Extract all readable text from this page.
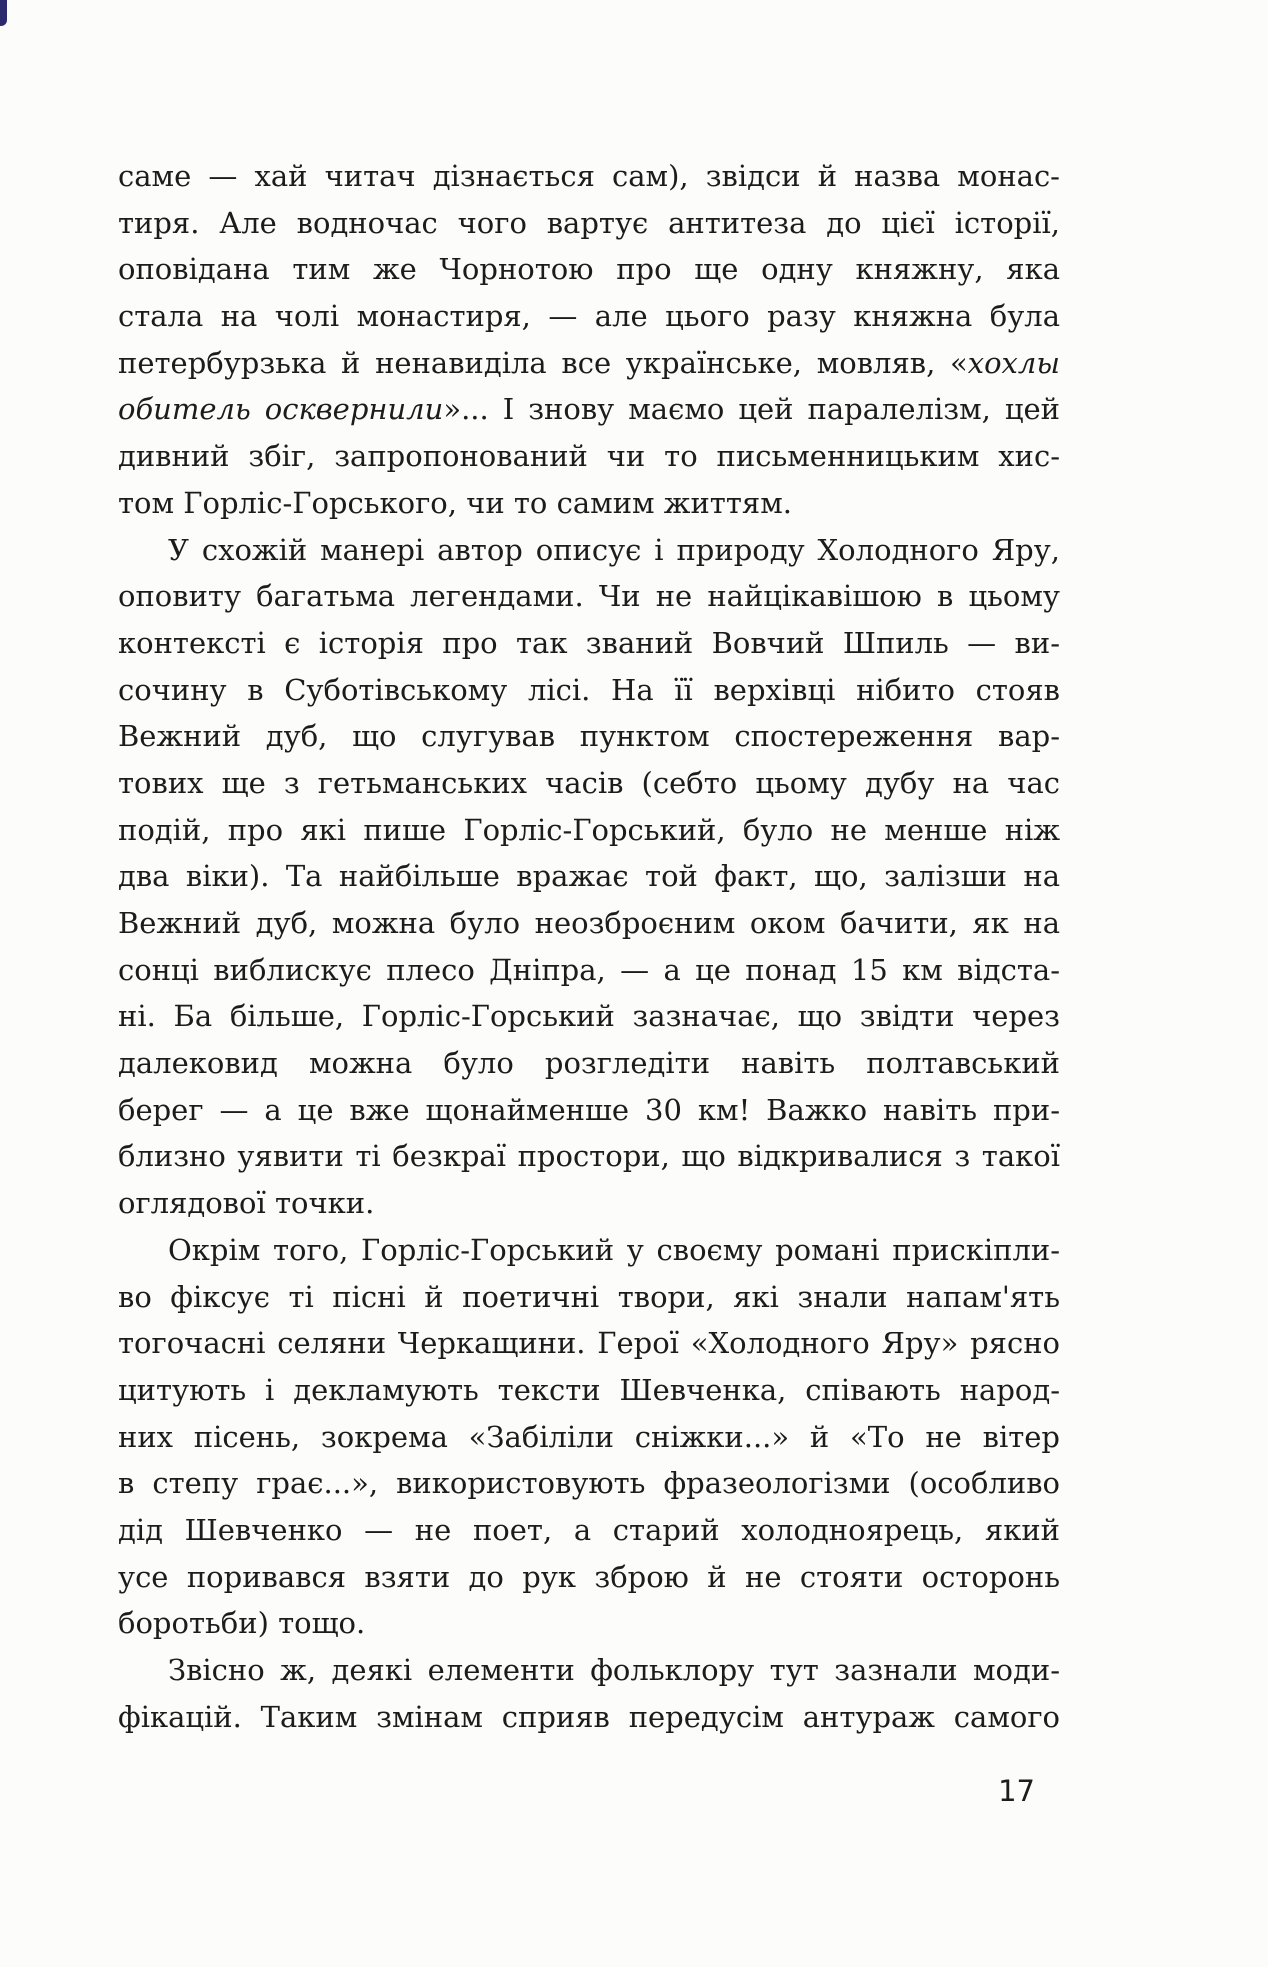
саме — хай читач дізнається сам), звідси й назва монас-
тиря. Але водночас чого вартує антитеза до цієї історії,
оповідана тим же Чорнотою про ще одну княжну, яка
стала на чолі монастиря, — але цього разу княжна була
петербурзька й ненавиділа все українське, мовляв, «хохлы
обитель осквернили»... І знову маємо цей паралелізм, цей
дивний збіг, запропонований чи то письменницьким хис-
том Горліс-Горського, чи то самим життям.
У схожій манері автор описує і природу Холодного Яру,
оповиту багатьма легендами. Чи не найцікавішою в цьому
контексті є історія про так званий Вовчий Шпиль — ви-
сочину в Суботівському лісі. На її верхівці нібито стояв
Вежний дуб, що слугував пунктом спостереження вар-
тових ще з гетьманських часів (себто цьому дубу на час
подій, про які пише Горліс-Горський, було не менше ніж
два віки). Та найбільше вражає той факт, що, залізши на
Вежний дуб, можна було неозброєним оком бачити, як на
сонці виблискує плесо Дніпра, — а це понад 15 км відста-
ні. Ба більше, Горліс-Горський зазначає, що звідти через
далековид можна було розгледіти навіть полтавський
берег — а це вже щонайменше 30 км! Важко навіть при-
близно уявити ті безкраї простори, що відкривалися з такої
оглядової точки.
Окрім того, Горліс-Горський у своєму романі прискіпли-
во фіксує ті пісні й поетичні твори, які знали напам'ять
тогочасні селяни Черкащини. Герої «Холодного Яру» рясно
цитують і декламують тексти Шевченка, співають народ-
них пісень, зокрема «Забіліли сніжки...» й «То не вітер
в степу грає...», використовують фразеологізми (особливо
дід Шевченко — не поет, а старий холодноярець, який
усе поривався взяти до рук зброю й не стояти осторонь
боротьби) тощо.
Звісно ж, деякі елементи фольклору тут зазнали моди-
фікацій. Таким змінам сприяв передусім антураж самого
17
